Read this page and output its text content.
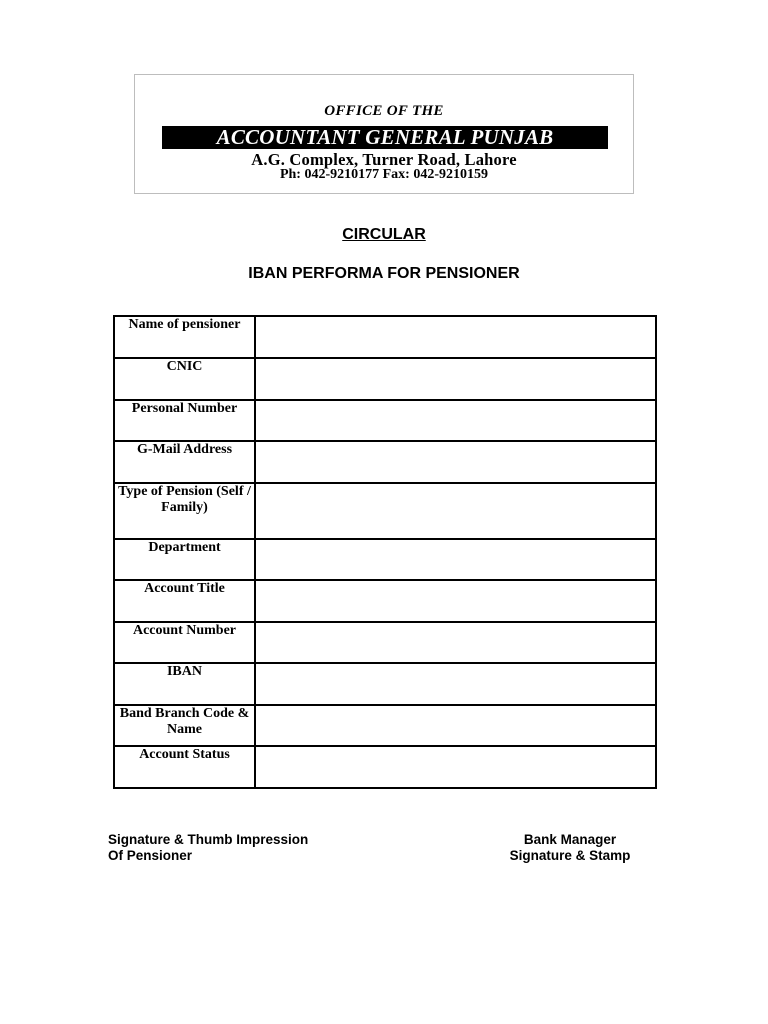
OFFICE OF THE
ACCOUNTANT GENERAL PUNJAB
A.G. Complex, Turner Road, Lahore
Ph: 042-9210177 Fax: 042-9210159
CIRCULAR
IBAN PERFORMA FOR PENSIONER
Name of pensioner	
CNIC	
Personal Number	
G-Mail Address	
Type of Pension (Self / Family)	
Department	
Account Title	
Account Number	
IBAN	
Band Branch Code & Name	
Account Status	
Signature & Thumb Impression
Of Pensioner
Bank Manager
Signature & Stamp
